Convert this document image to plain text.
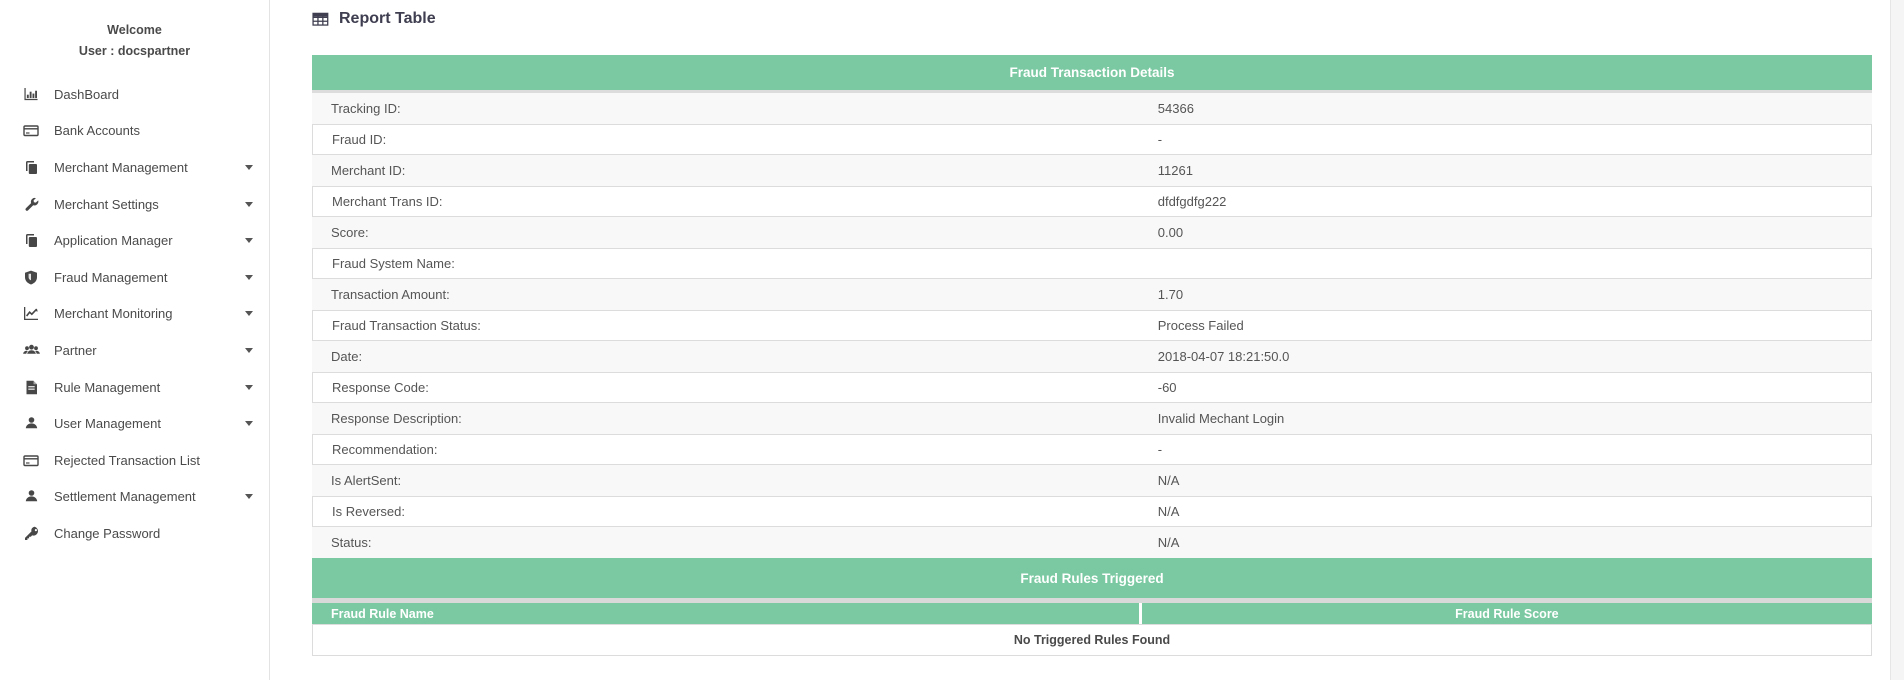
Welcome
User : docspartner
DashBoard
Bank Accounts
Merchant Management
Merchant Settings
Application Manager
Fraud Management
Merchant Monitoring
Partner
Rule Management
User Management
Rejected Transaction List
Settlement Management
Change Password
Report Table
Fraud Transaction Details
Tracking ID:	54366
Fraud ID:	-
Merchant ID:	11261
Merchant Trans ID:	dfdfgdfg222
Score:	0.00
Fraud System Name:
Transaction Amount:	1.70
Fraud Transaction Status:	Process Failed
Date:	2018-04-07 18:21:50.0
Response Code:	-60
Response Description:	Invalid Mechant Login
Recommendation:	-
Is AlertSent:	N/A
Is Reversed:	N/A
Status:	N/A
Fraud Rules Triggered
Fraud Rule Name	Fraud Rule Score
No Triggered Rules Found
